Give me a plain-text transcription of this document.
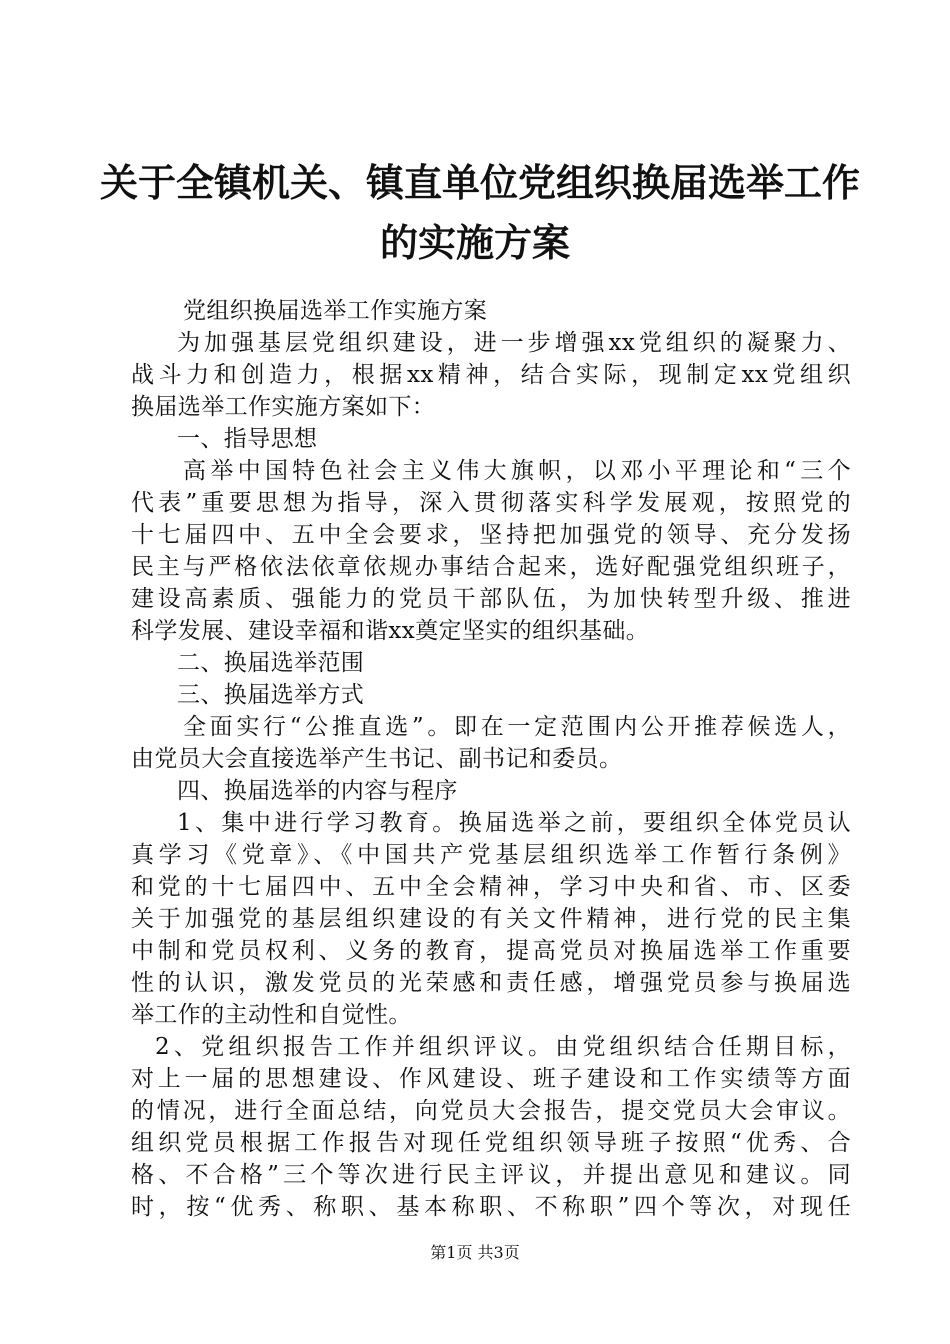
关于全镇机关、镇直单位党组织换届选举工作
的实施方案
党组织换届选举工作实施方案
为加强基层党组织建设，进一步增强xx党组织的凝聚力、
战斗力和创造力，根据xx精神，结合实际，现制定xx党组织
换届选举工作实施方案如下：
一、指导思想
高举中国特色社会主义伟大旗帜，以邓小平理论和“三个
代表”重要思想为指导，深入贯彻落实科学发展观，按照党的
十七届四中、五中全会要求，坚持把加强党的领导、充分发扬
民主与严格依法依章依规办事结合起来，选好配强党组织班子，
建设高素质、强能力的党员干部队伍，为加快转型升级、推进
科学发展、建设幸福和谐xx奠定坚实的组织基础。
二、换届选举范围
三、换届选举方式
全面实行“公推直选”。即在一定范围内公开推荐候选人，
由党员大会直接选举产生书记、副书记和委员。
四、换届选举的内容与程序
1、集中进行学习教育。换届选举之前，要组织全体党员认
真学习《党章》、《中国共产党基层组织选举工作暂行条例》
和党的十七届四中、五中全会精神，学习中央和省、市、区委
关于加强党的基层组织建设的有关文件精神，进行党的民主集
中制和党员权利、义务的教育，提高党员对换届选举工作重要
性的认识，激发党员的光荣感和责任感，增强党员参与换届选
举工作的主动性和自觉性。
2、党组织报告工作并组织评议。由党组织结合任期目标，
对上一届的思想建设、作风建设、班子建设和工作实绩等方面
的情况，进行全面总结，向党员大会报告，提交党员大会审议。
组织党员根据工作报告对现任党组织领导班子按照“优秀、合
格、不合格”三个等次进行民主评议，并提出意见和建议。同
时，按“优秀、称职、基本称职、不称职”四个等次，对现任
第1页 共3页
